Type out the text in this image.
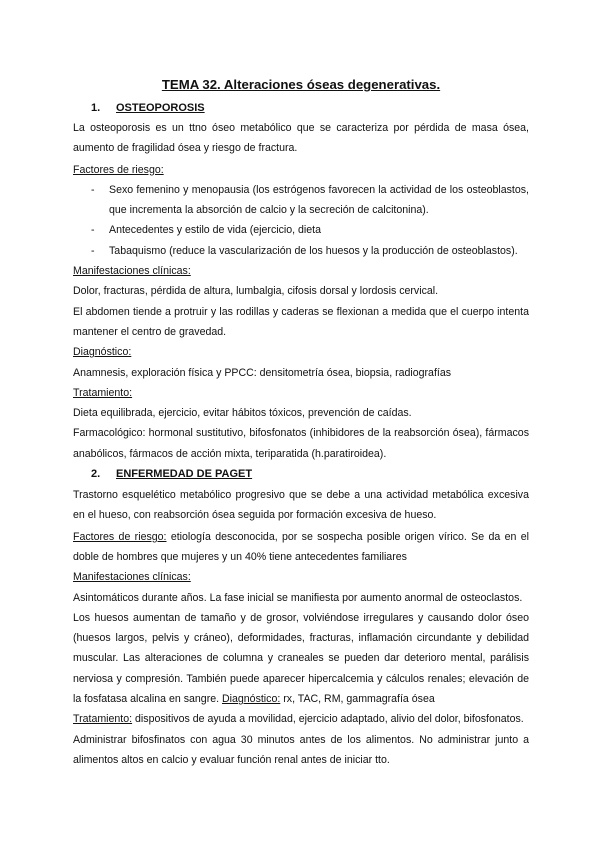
TEMA 32. Alteraciones óseas degenerativas.
1. OSTEOPOROSIS

La osteoporosis es un ttno óseo metabólico que se caracteriza por pérdida de masa ósea, aumento de fragilidad ósea y riesgo de fractura.

Factores de riesgo:

- Sexo femenino y menopausia (los estrógenos favorecen la actividad de los osteoblastos, que incrementa la absorción de calcio y la secreción de calcitonina).
- Antecedentes y estilo de vida (ejercicio, dieta
- Tabaquismo (reduce la vascularización de los huesos y la producción de osteoblastos).

Manifestaciones clínicas:

Dolor, fracturas, pérdida de altura, lumbalgia, cifosis dorsal y lordosis cervical.

El abdomen tiende a protruir y las rodillas y caderas se flexionan a medida que el cuerpo intenta mantener el centro de gravedad.

Diagnóstico:

Anamnesis, exploración física y PPCC: densitometría ósea, biopsia, radiografías

Tratamiento:

Dieta equilibrada, ejercicio, evitar hábitos tóxicos, prevención de caídas.

Farmacológico: hormonal sustitutivo, bifosfonatos (inhibidores de la reabsorción ósea), fármacos anabólicos, fármacos de acción mixta, teriparatida (h.paratiroidea).

2. ENFERMEDAD DE PAGET

Trastorno esquelético metabólico progresivo que se debe a una actividad metabólica excesiva en el hueso, con reabsorción ósea seguida por formación excesiva de hueso.

Factores de riesgo: etiología desconocida, por se sospecha posible origen vírico. Se da en el doble de hombres que mujeres y un 40% tiene antecedentes familiares

Manifestaciones clínicas:

Asintomáticos durante años. La fase inicial se manifiesta por aumento anormal de osteoclastos.

Los huesos aumentan de tamaño y de grosor, volviéndose irregulares y causando dolor óseo (huesos largos, pelvis y cráneo), deformidades, fracturas, inflamación circundante y debilidad muscular. Las alteraciones de columna y craneales se pueden dar deterioro mental, parálisis nerviosa y compresión. También puede aparecer hipercalcemia y cálculos renales; elevación de la fosfatasa alcalina en sangre. Diagnóstico: rx, TAC, RM, gammagrafía ósea

Tratamiento: dispositivos de ayuda a movilidad, ejercicio adaptado, alivio del dolor, bifosfonatos.

Administrar bifosfinatos con agua 30 minutos antes de los alimentos. No administrar junto a alimentos altos en calcio y evaluar función renal antes de iniciar tto.
